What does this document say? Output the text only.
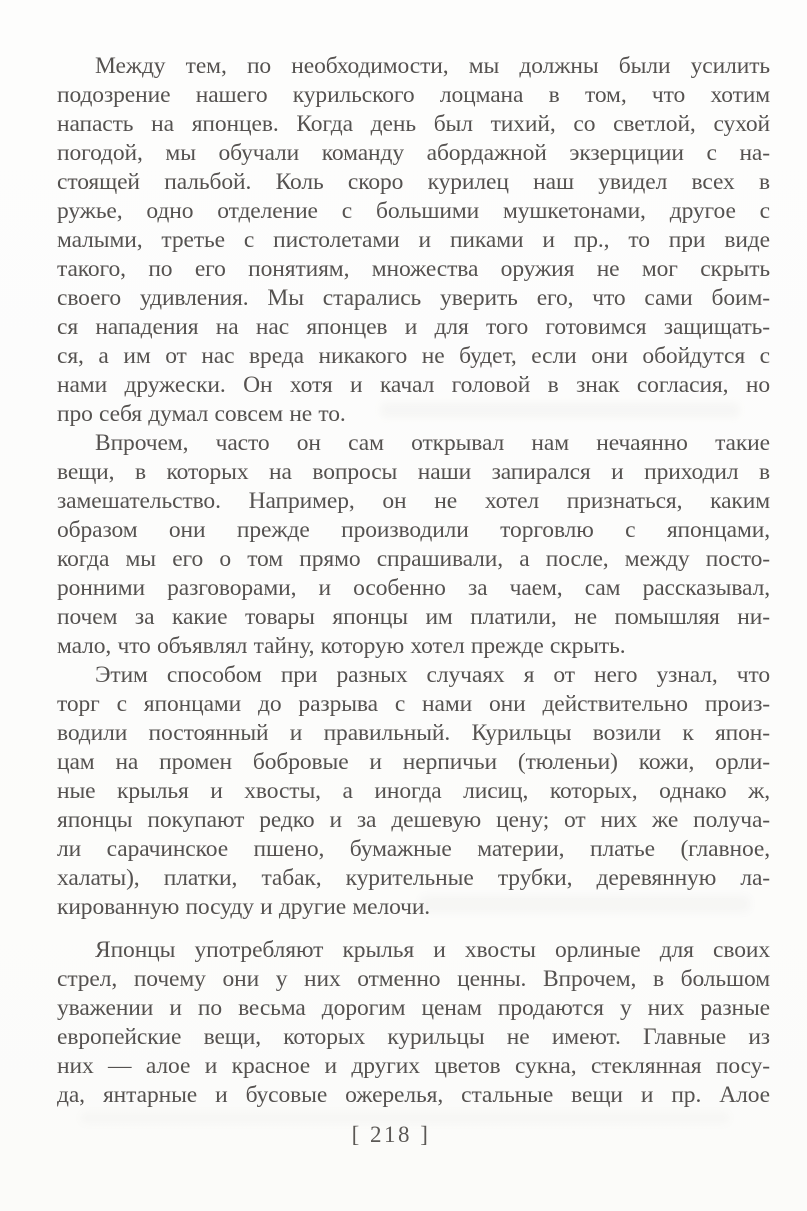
Между тем, по необходимости, мы должны были усилить
подозрение нашего курильского лоцмана в том, что хотим
напасть на японцев. Когда день был тихий, со светлой, сухой
погодой, мы обучали команду абордажной экзерциции с на-
стоящей пальбой. Коль скоро курилец наш увидел всех в
ружье, одно отделение с большими мушкетонами, другое с
малыми, третье с пистолетами и пиками и пр., то при виде
такого, по его понятиям, множества оружия не мог скрыть
своего удивления. Мы старались уверить его, что сами боим-
ся нападения на нас японцев и для того готовимся защищать-
ся, а им от нас вреда никакого не будет, если они обойдутся с
нами дружески. Он хотя и качал головой в знак согласия, но
про себя думал совсем не то.
Впрочем, часто он сам открывал нам нечаянно такие
вещи, в которых на вопросы наши запирался и приходил в
замешательство. Например, он не хотел признаться, каким
образом они прежде производили торговлю с японцами,
когда мы его о том прямо спрашивали, а после, между посто-
ронними разговорами, и особенно за чаем, сам рассказывал,
почем за какие товары японцы им платили, не помышляя ни-
мало, что объявлял тайну, которую хотел прежде скрыть.
Этим способом при разных случаях я от него узнал, что
торг с японцами до разрыва с нами они действительно произ-
водили постоянный и правильный. Курильцы возили к япон-
цам на промен бобровые и нерпичьи (тюленьи) кожи, орли-
ные крылья и хвосты, а иногда лисиц, которых, однако ж,
японцы покупают редко и за дешевую цену; от них же получа-
ли сарачинское пшено, бумажные материи, платье (главное,
халаты), платки, табак, курительные трубки, деревянную ла-
кированную посуду и другие мелочи.
Японцы употребляют крылья и хвосты орлиные для своих
стрел, почему они у них отменно ценны. Впрочем, в большом
уважении и по весьма дорогим ценам продаются у них разные
европейские вещи, которых курильцы не имеют. Главные из
них — алое и красное и других цветов сукна, стеклянная посу-
да, янтарные и бусовые ожерелья, стальные вещи и пр. Алое
[ 218 ]
